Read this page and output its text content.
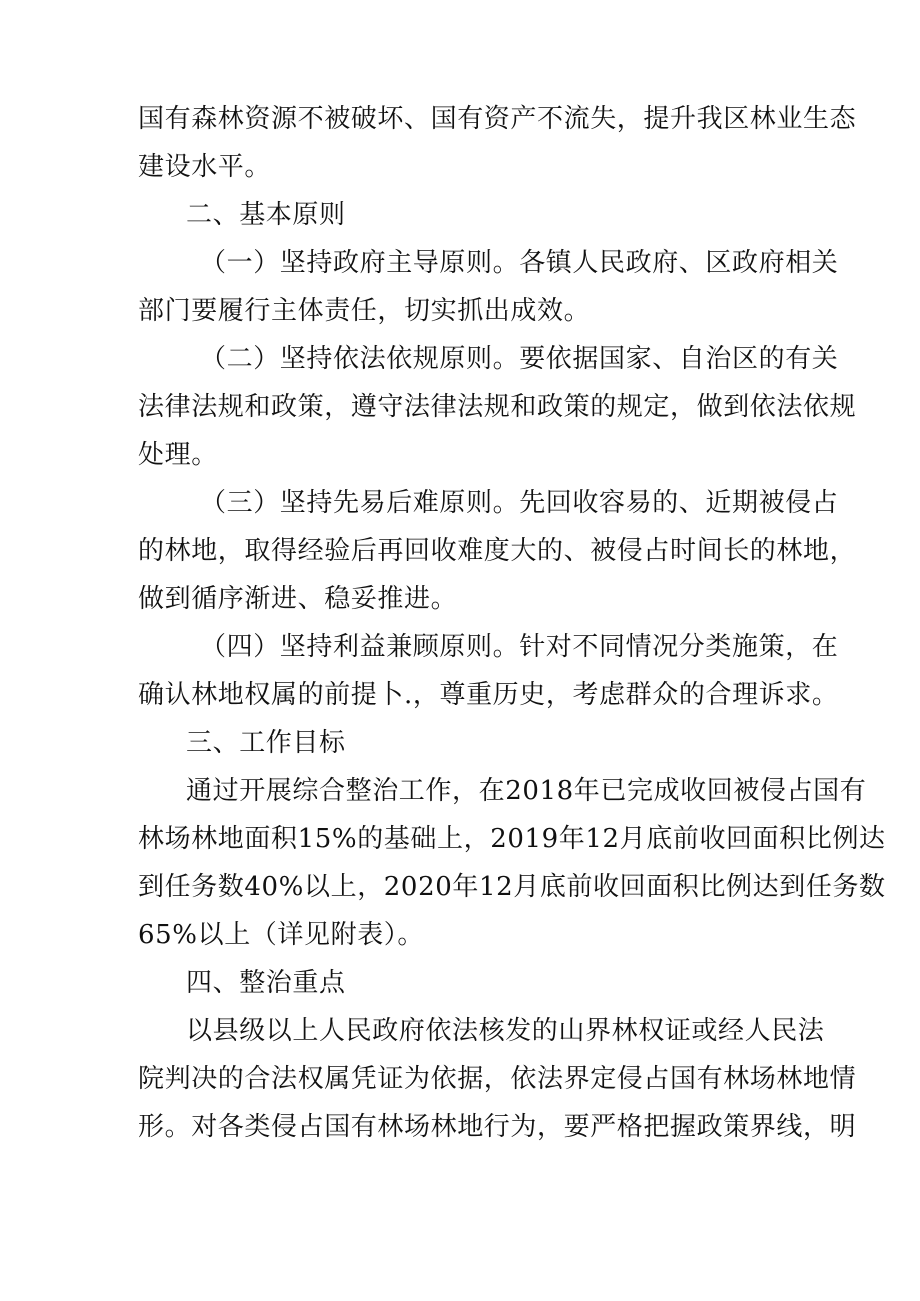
国有森林资源不被破坏、国有资产不流失，提升我区林业生态
建设水平。
二、基本原则
（一）坚持政府主导原则。各镇人民政府、区政府相关
部门要履行主体责任，切实抓出成效。
（二）坚持依法依规原则。要依据国家、自治区的有关
法律法规和政策，遵守法律法规和政策的规定，做到依法依规
处理。
（三）坚持先易后难原则。先回收容易的、近期被侵占
的林地，取得经验后再回收难度大的、被侵占时间长的林地，
做到循序渐进、稳妥推进。
（四）坚持利益兼顾原则。针对不同情况分类施策，在
确认林地权属的前提卜.，尊重历史，考虑群众的合理诉求。
三、工作目标
通过开展综合整治工作，在2018年已完成收回被侵占国有
林场林地面积15%的基础上，2019年12月底前收回面积比例达
到任务数40%以上，2020年12月底前收回面积比例达到任务数
65%以上（详见附表）。
四、整治重点
以县级以上人民政府依法核发的山界林权证或经人民法
院判决的合法权属凭证为依据，依法界定侵占国有林场林地情
形。对各类侵占国有林场林地行为，要严格把握政策界线，明
